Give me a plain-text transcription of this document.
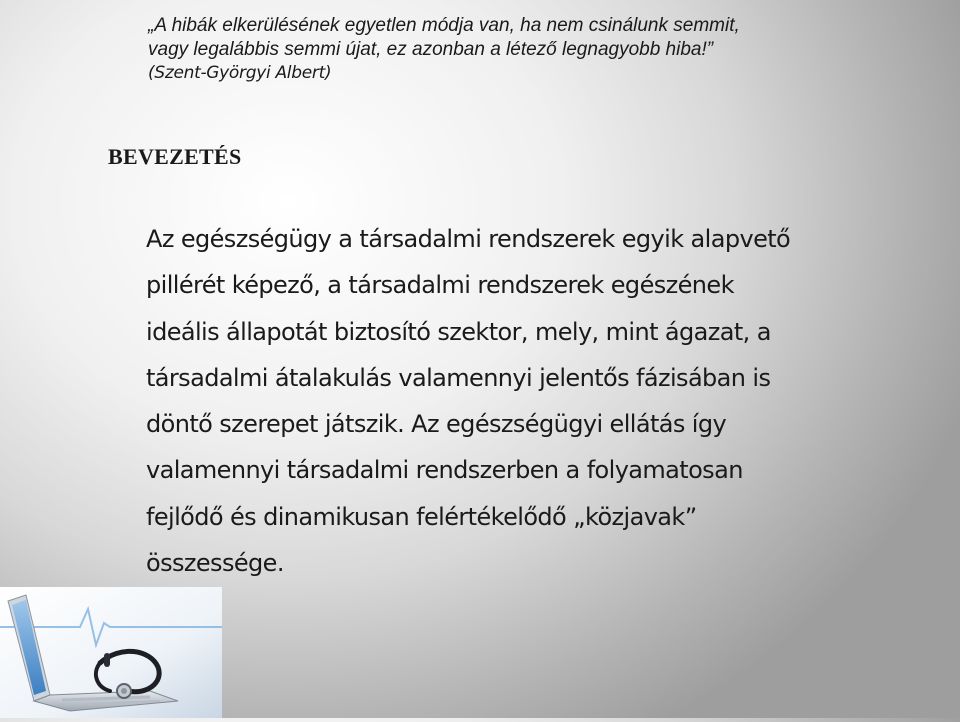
„A hibák elkerülésének egyetlen módja van, ha nem csinálunk semmit,
vagy legalábbis semmi újat, ez azonban a létező legnagyobb hiba!”
(Szent-Györgyi Albert)
BEVEZETÉS
Az egészségügy a társadalmi rendszerek egyik alapvető
pillérét képező, a társadalmi rendszerek egészének
ideális állapotát biztosító szektor, mely, mint ágazat, a
társadalmi átalakulás valamennyi jelentős fázisában is
döntő szerepet játszik. Az egészségügyi ellátás így
valamennyi társadalmi rendszerben a folyamatosan
fejlődő és dinamikusan felértékelődő „közjavak”
összessége.
